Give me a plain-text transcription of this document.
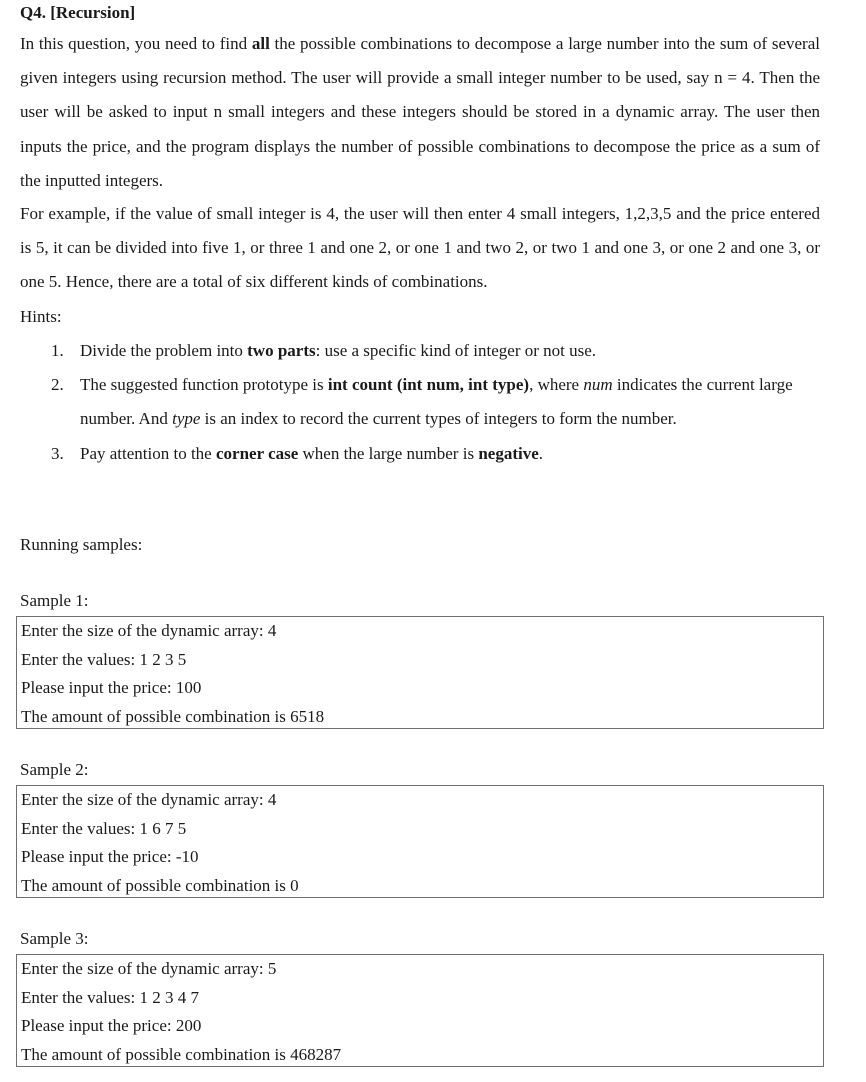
Q4. [Recursion]
In this question, you need to find all the possible combinations to decompose a large number into the sum of several given integers using recursion method. The user will provide a small integer number to be used, say n = 4. Then the user will be asked to input n small integers and these integers should be stored in a dynamic array. The user then inputs the price, and the program displays the number of possible combinations to decompose the price as a sum of the inputted integers.
For example, if the value of small integer is 4, the user will then enter 4 small integers, 1,2,3,5 and the price entered is 5, it can be divided into five 1, or three 1 and one 2, or one 1 and two 2, or two 1 and one 3, or one 2 and one 3, or one 5. Hence, there are a total of six different kinds of combinations.
Hints:
1. Divide the problem into two parts: use a specific kind of integer or not use.
2. The suggested function prototype is int count (int num, int type), where num indicates the current large number. And type is an index to record the current types of integers to form the number.
3. Pay attention to the corner case when the large number is negative.
Running samples:
Sample 1:
Enter the size of the dynamic array: 4
Enter the values: 1 2 3 5
Please input the price: 100
The amount of possible combination is 6518
Sample 2:
Enter the size of the dynamic array: 4
Enter the values: 1 6 7 5
Please input the price: -10
The amount of possible combination is 0
Sample 3:
Enter the size of the dynamic array: 5
Enter the values: 1 2 3 4 7
Please input the price: 200
The amount of possible combination is 468287
